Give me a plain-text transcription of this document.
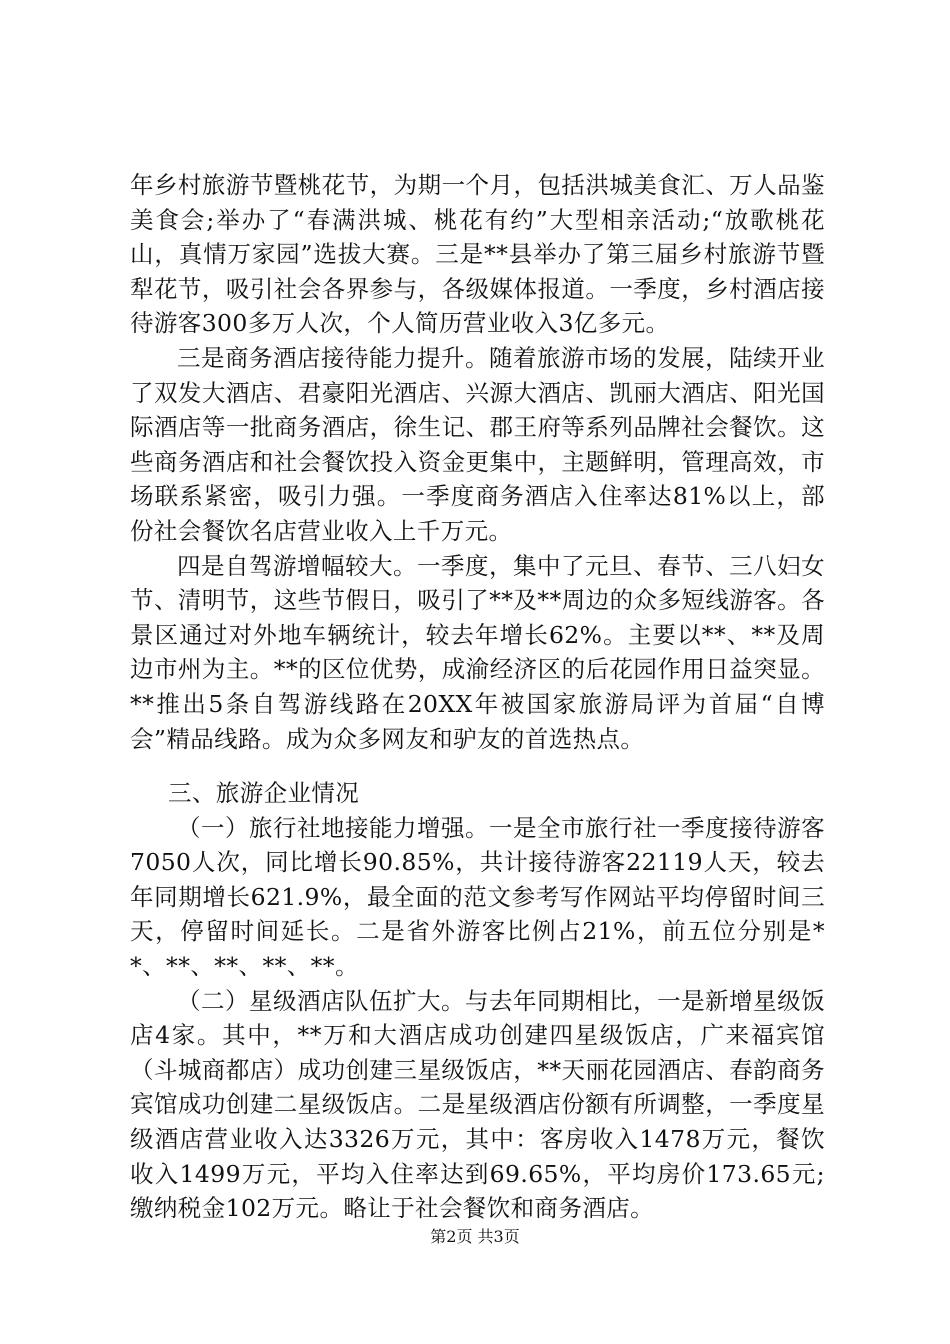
年乡村旅游节暨桃花节，为期一个月，包括洪城美食汇、万人品鉴美食会;举办了“春满洪城、桃花有约”大型相亲活动;“放歌桃花山，真情万家园”选拔大赛。三是**县举办了第三届乡村旅游节暨犁花节，吸引社会各界参与，各级媒体报道。一季度，乡村酒店接待游客300多万人次，个人简历营业收入3亿多元。

三是商务酒店接待能力提升。随着旅游市场的发展，陆续开业了双发大酒店、君豪阳光酒店、兴源大酒店、凯丽大酒店、阳光国际酒店等一批商务酒店，徐生记、郡王府等系列品牌社会餐饮。这些商务酒店和社会餐饮投入资金更集中，主题鲜明，管理高效，市场联系紧密，吸引力强。一季度商务酒店入住率达81%以上，部份社会餐饮名店营业收入上千万元。

四是自驾游增幅较大。一季度，集中了元旦、春节、三八妇女节、清明节，这些节假日，吸引了**及**周边的众多短线游客。各景区通过对外地车辆统计，较去年增长62%。主要以**、**及周边市州为主。**的区位优势，成渝经济区的后花园作用日益突显。**推出5条自驾游线路在20XX年被国家旅游局评为首届“自博会”精品线路。成为众多网友和驴友的首选热点。

三、旅游企业情况

（一）旅行社地接能力增强。一是全市旅行社一季度接待游客7050人次，同比增长90.85%，共计接待游客22119人天，较去年同期增长621.9%，最全面的范文参考写作网站平均停留时间三天，停留时间延长。二是省外游客比例占21%，前五位分别是**、**、**、**、**。

（二）星级酒店队伍扩大。与去年同期相比，一是新增星级饭店4家。其中，**万和大酒店成功创建四星级饭店，广来福宾馆（斗城商都店）成功创建三星级饭店，**天丽花园酒店、春韵商务宾馆成功创建二星级饭店。二是星级酒店份额有所调整，一季度星级酒店营业收入达3326万元，其中：客房收入1478万元，餐饮收入1499万元，平均入住率达到69.65%，平均房价173.65元;缴纳税金102万元。略让于社会餐饮和商务酒店。

第2页 共3页
